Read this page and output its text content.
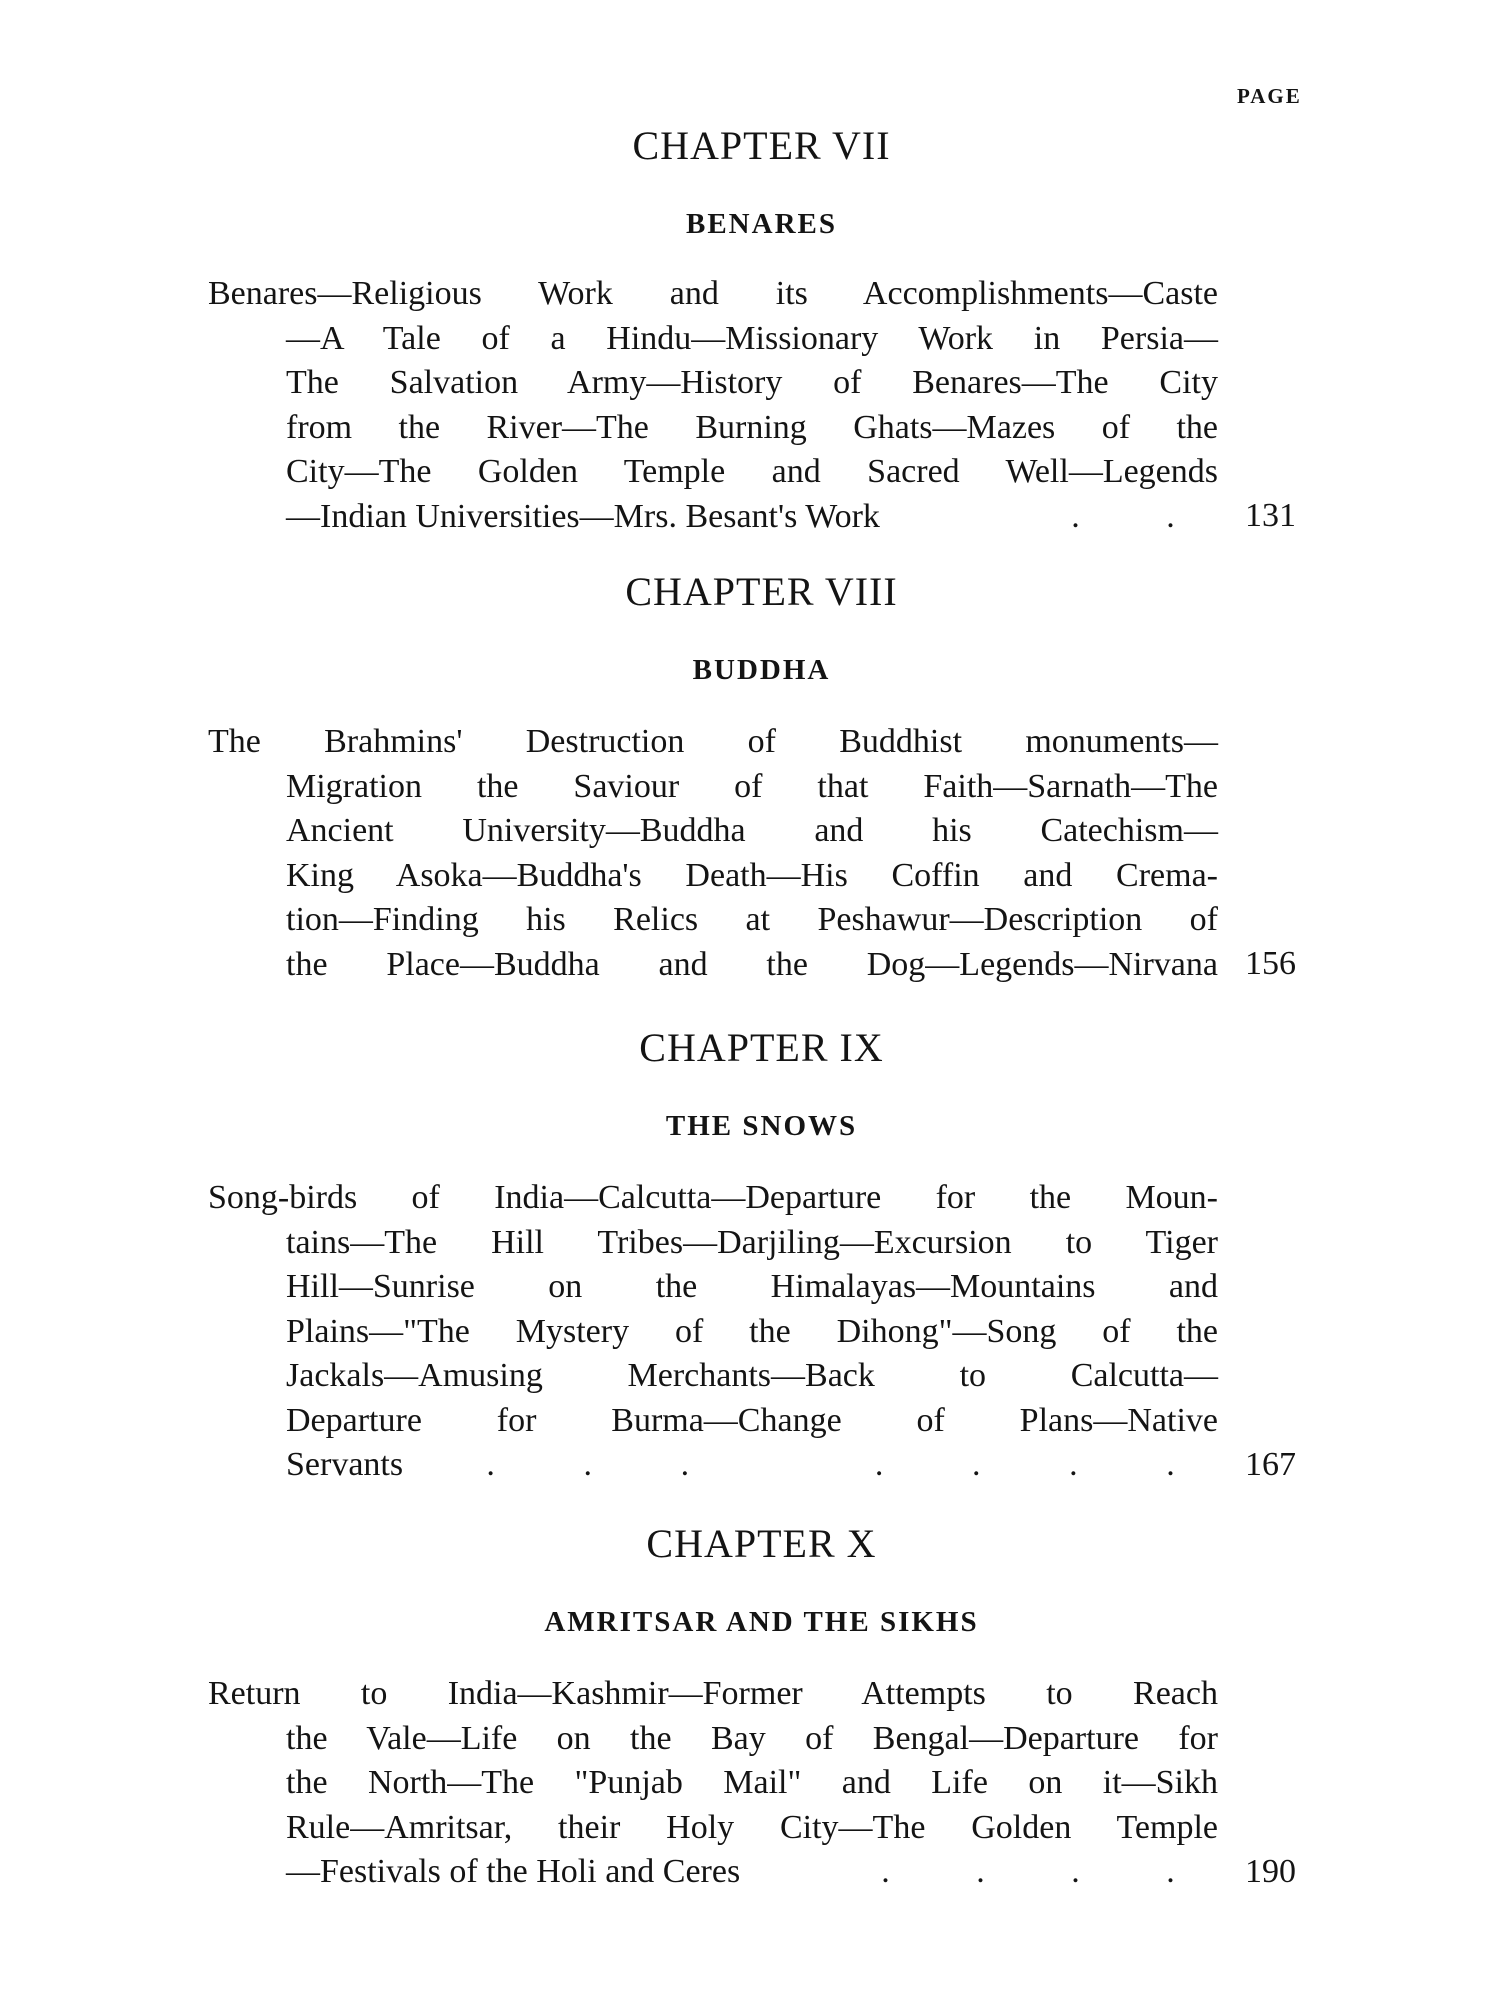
PAGE
CHAPTER VII
BENARES
Benares—Religious Work and its Accomplishments—Caste
—A Tale of a Hindu—Missionary Work in Persia—
The Salvation Army—History of Benares—The City
from the River—The Burning Ghats—Mazes of the
City—The Golden Temple and Sacred Well—Legends
—Indian Universities—Mrs. Besant's Work	.	.	131
CHAPTER VIII
BUDDHA
The Brahmins' Destruction of Buddhist monuments—
Migration the Saviour of that Faith—Sarnath—The
Ancient University—Buddha and his Catechism—
King Asoka—Buddha's Death—His Coffin and Crema-
tion—Finding his Relics at Peshawur—Description of
the Place—Buddha and the Dog—Legends—Nirvana 156
CHAPTER IX
THE SNOWS
Song-birds of India—Calcutta—Departure for the Moun-
tains—The Hill Tribes—Darjiling—Excursion to Tiger
Hill—Sunrise on the Himalayas—Mountains and
Plains—"The Mystery of the Dihong"—Song of the
Jackals—Amusing Merchants—Back to Calcutta—
Departure for Burma—Change of Plans—Native
Servants	.	.	.	.	.	.	.	167
CHAPTER X
AMRITSAR AND THE SIKHS
Return to India—Kashmir—Former Attempts to Reach
the Vale—Life on the Bay of Bengal—Departure for
the North—The "Punjab Mail" and Life on it—Sikh
Rule—Amritsar, their Holy City—The Golden Temple
—Festivals of the Holi and Ceres	.	.	.	.	190
